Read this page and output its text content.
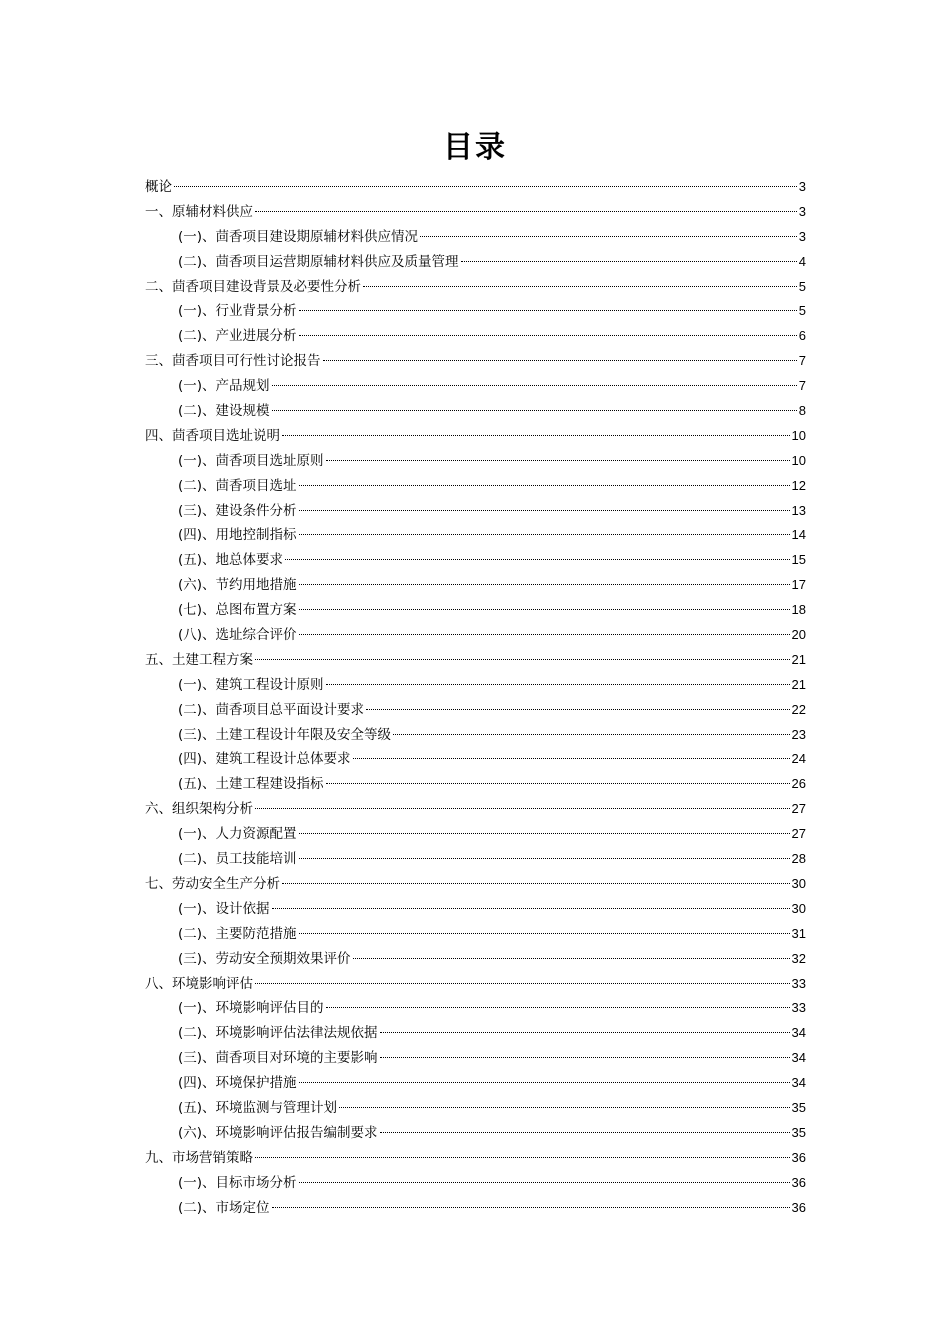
目录
概论	3
一、原辅材料供应	3
(一)、茴香项目建设期原辅材料供应情况	3
(二)、茴香项目运营期原辅材料供应及质量管理	4
二、茴香项目建设背景及必要性分析	5
(一)、行业背景分析	5
(二)、产业进展分析	6
三、茴香项目可行性讨论报告	7
(一)、产品规划	7
(二)、建设规模	8
四、茴香项目选址说明	10
(一)、茴香项目选址原则	10
(二)、茴香项目选址	12
(三)、建设条件分析	13
(四)、用地控制指标	14
(五)、地总体要求	15
(六)、节约用地措施	17
(七)、总图布置方案	18
(八)、选址综合评价	20
五、土建工程方案	21
(一)、建筑工程设计原则	21
(二)、茴香项目总平面设计要求	22
(三)、土建工程设计年限及安全等级	23
(四)、建筑工程设计总体要求	24
(五)、土建工程建设指标	26
六、组织架构分析	27
(一)、人力资源配置	27
(二)、员工技能培训	28
七、劳动安全生产分析	30
(一)、设计依据	30
(二)、主要防范措施	31
(三)、劳动安全预期效果评价	32
八、环境影响评估	33
(一)、环境影响评估目的	33
(二)、环境影响评估法律法规依据	34
(三)、茴香项目对环境的主要影响	34
(四)、环境保护措施	34
(五)、环境监测与管理计划	35
(六)、环境影响评估报告编制要求	35
九、市场营销策略	36
(一)、目标市场分析	36
(二)、市场定位	36
